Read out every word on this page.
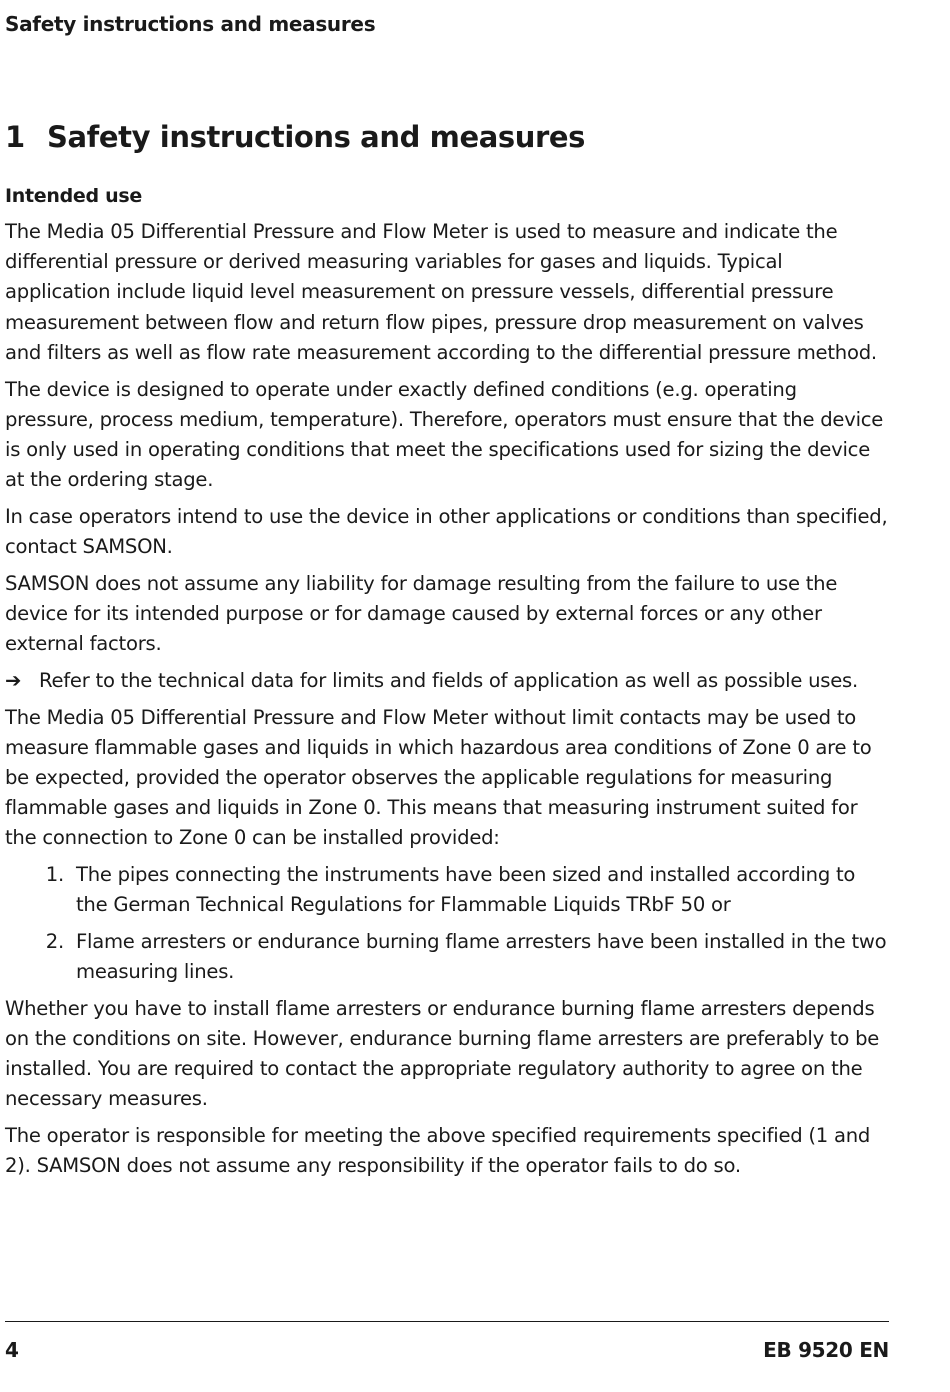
Safety instructions and measures
1 Safety instructions and measures
Intended use

The Media 05 Differential Pressure and Flow Meter is used to measure and indicate the differential pressure or derived measuring variables for gases and liquids. Typical application include liquid level measurement on pressure vessels, differential pressure measurement between flow and return flow pipes, pressure drop measurement on valves and filters as well as flow rate measurement according to the differential pressure method.

The device is designed to operate under exactly defined conditions (e.g. operating pressure, process medium, temperature). Therefore, operators must ensure that the device is only used in operating conditions that meet the specifications used for sizing the device at the ordering stage.

In case operators intend to use the device in other applications or conditions than specified, contact SAMSON.

SAMSON does not assume any liability for damage resulting from the failure to use the device for its intended purpose or for damage caused by external forces or any other external factors.

➔ Refer to the technical data for limits and fields of application as well as possible uses.

The Media 05 Differential Pressure and Flow Meter without limit contacts may be used to measure flammable gases and liquids in which hazardous area conditions of Zone 0 are to be expected, provided the operator observes the applicable regulations for measuring flammable gases and liquids in Zone 0. This means that measuring instrument suited for the connection to Zone 0 can be installed provided:

1. The pipes connecting the instruments have been sized and installed according to the German Technical Regulations for Flammable Liquids TRbF 50 or
2. Flame arresters or endurance burning flame arresters have been installed in the two measuring lines.

Whether you have to install flame arresters or endurance burning flame arresters depends on the conditions on site. However, endurance burning flame arresters are preferably to be installed. You are required to contact the appropriate regulatory authority to agree on the necessary measures.

The operator is responsible for meeting the above specified requirements specified (1 and 2). SAMSON does not assume any responsibility if the operator fails to do so.

4	EB 9520 EN
